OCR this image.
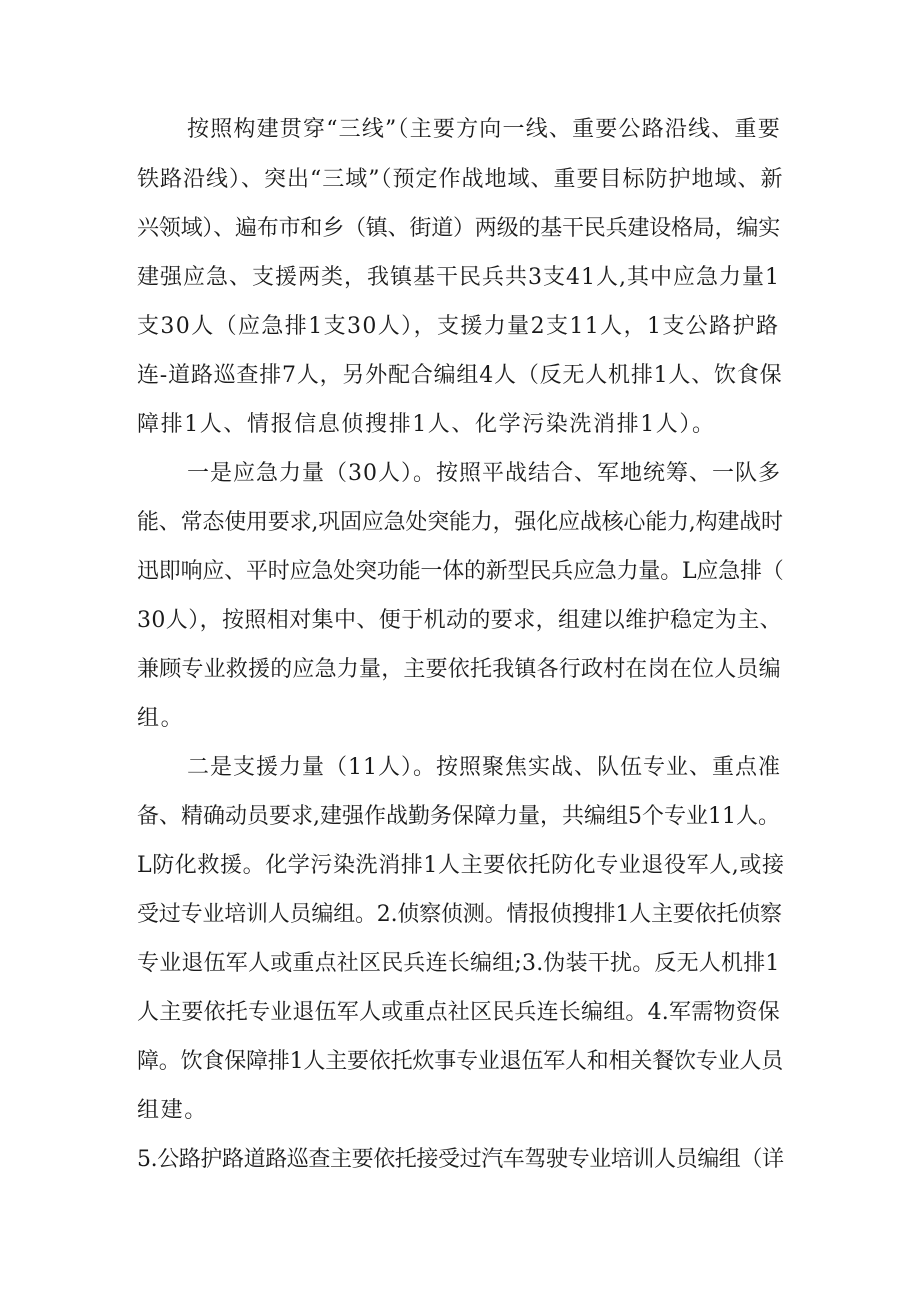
按照构建贯穿“三线”（主要方向一线、重要公路沿线、重要
铁路沿线）、突出“三域”（预定作战地域、重要目标防护地域、新
兴领域）、遍布市和乡（镇、街道）两级的基干民兵建设格局，编实
建强应急、支援两类，我镇基干民兵共3支41人,其中应急力量1
支30人（应急排1支30人），支援力量2支11人，1支公路护路
连-道路巡查排7人，另外配合编组4人（反无人机排1人、饮食保
障排1人、情报信息侦搜排1人、化学污染洗消排1人）。
一是应急力量（30人）。按照平战结合、军地统筹、一队多
能、常态使用要求,巩固应急处突能力，强化应战核心能力,构建战时
迅即响应、平时应急处突功能一体的新型民兵应急力量。L应急排（
30人），按照相对集中、便于机动的要求，组建以维护稳定为主、
兼顾专业救援的应急力量，主要依托我镇各行政村在岗在位人员编
组。
二是支援力量（11人）。按照聚焦实战、队伍专业、重点准
备、精确动员要求,建强作战勤务保障力量，共编组5个专业11人。
L防化救援。化学污染洗消排1人主要依托防化专业退役军人,或接
受过专业培训人员编组。2.侦察侦测。情报侦搜排1人主要依托侦察
专业退伍军人或重点社区民兵连长编组;3.伪装干扰。反无人机排1
人主要依托专业退伍军人或重点社区民兵连长编组。4.军需物资保
障。饮食保障排1人主要依托炊事专业退伍军人和相关餐饮专业人员
组建。
5.公路护路道路巡查主要依托接受过汽车驾驶专业培训人员编组（详
